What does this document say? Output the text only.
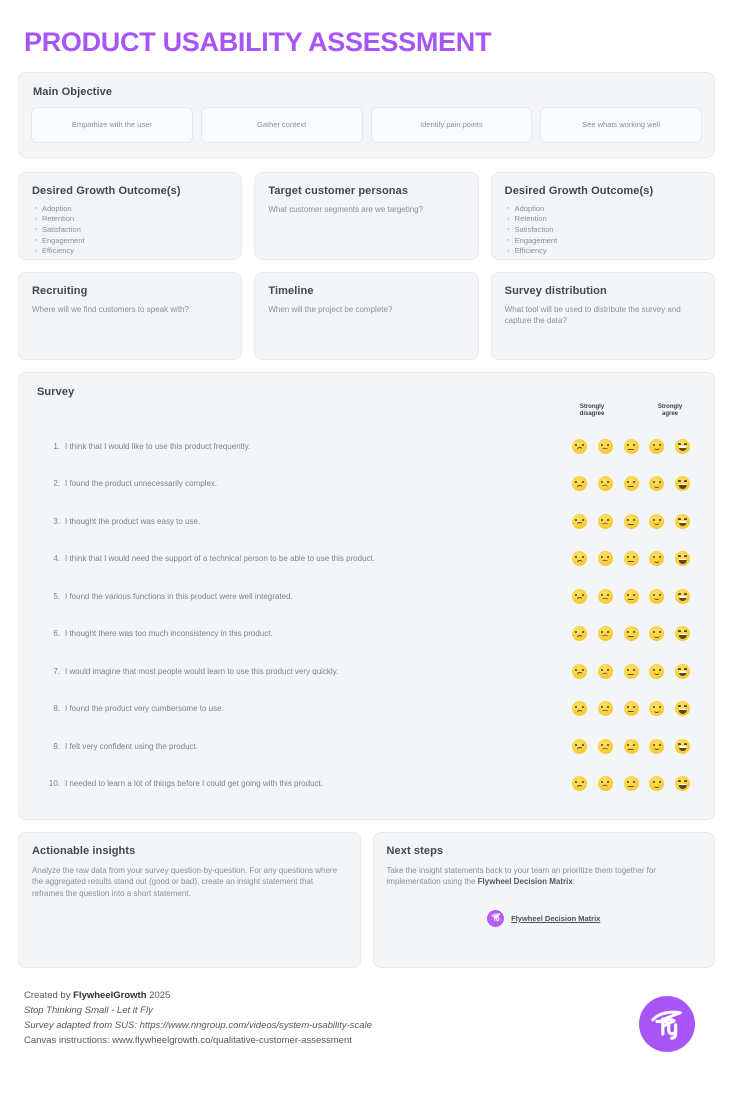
PRODUCT USABILITY ASSESSMENT
Main Objective
Empathize with the user	Gather context	Identify pain points	See whats working well
Desired Growth Outcome(s)
· Adoption
· Retention
· Satisfaction
· Engagement
· Efficiency
Target customer personas
What customer segments are we targeting?
Desired Growth Outcome(s)
· Adoption
· Retention
· Satisfaction
· Engagement
· Efficiency
Recruiting
Where will we find customers to speak with?
Timeline
When will the project be complete?
Survey distribution
What tool will be used to distribute the survey and capture the data?
Survey
Strongly disagree
Strongly agree
1. I think that I would like to use this product frequently.
2. I found the product unnecessarily complex.
3. I thought the product was easy to use.
4. I think that I would need the support of a technical person to be able to use this product.
5. I found the various functions in this product were well integrated.
6. I thought there was too much inconsistency in this product.
7. I would imagine that most people would learn to use this product very quickly.
8. I found the product very cumbersome to use.
9. I felt very confident using the product.
10. I needed to learn a lot of things before I could get going with this product.
Actionable insights
Analyze the raw data from your survey question-by-question. For any questions where the aggregated results stand out (good or bad), create an insight statement that reframes the question into a short statement.
Next steps
Take the insight statements back to your team an prioritize them together for implementation using the Flywheel Decision Matrix:
Flywheel Decision Matrix
Created by FlywheelGrowth 2025
Stop Thinking Small - Let it Fly
Survey adapted from SUS: https://www.nngroup.com/videos/system-usability-scale
Canvas instructions: www.flywheelgrowth.co/qualitative-customer-assessment
